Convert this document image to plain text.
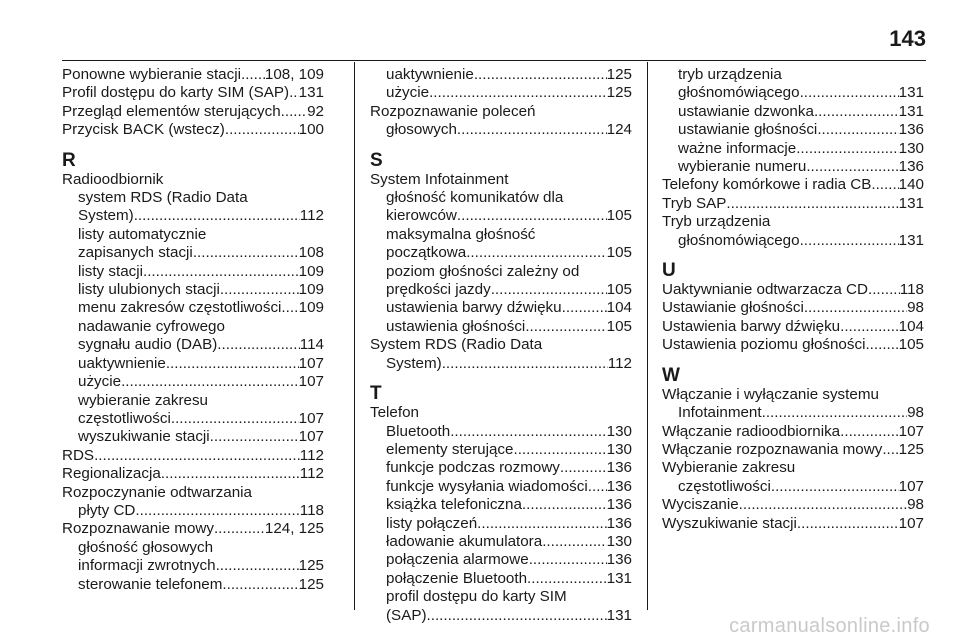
143
Ponowne wybieranie stacji. ..... 108, 109
Profil dostępu do karty SIM (SAP) ..... 131
Przegląd elementów sterujących ..... 92
Przycisk BACK (wstecz) .....	100
R
Radioodbiornik
system RDS (Radio Data
System) .....	112
listy automatycznie
zapisanych stacji .....	108
listy stacji .....	109
listy ulubionych stacji .....	109
menu zakresów częstotliwości ..... 109
nadawanie cyfrowego
sygnału audio (DAB) .....	114
uaktywnienie .....	107
użycie .....	107
wybieranie zakresu
częstotliwości .....	107
wyszukiwanie stacji .....	107
RDS .....	112
Regionalizacja .....	112
Rozpoczynanie odtwarzania
płyty CD .....	118
Rozpoznawanie mowy .....	124, 125
głośność głosowych
informacji zwrotnych .....	125
sterowanie telefonem .....	125
uaktywnienie .....	125
użycie .....	125
Rozpoznawanie poleceń
głosowych .....	124
S
System Infotainment
głośność komunikatów dla
kierowców .....	105
maksymalna głośność
początkowa .....	105
poziom głośności zależny od
prędkości jazdy .....	105
ustawienia barwy dźwięku .....	104
ustawienia głośności .....	105
System RDS (Radio Data
System) .....	112
T
Telefon
Bluetooth .....	130
elementy sterujące .....	130
funkcje podczas rozmowy .....	136
funkcje wysyłania wiadomości ..... 136
książka telefoniczna .....	136
listy połączeń .....	136
ładowanie akumulatora .....	130
połączenia alarmowe .....	136
połączenie Bluetooth .....	131
profil dostępu do karty SIM
(SAP) .....	131
tryb urządzenia
głośnomówiącego .....	131
ustawianie dzwonka .....	131
ustawianie głośności .....	136
ważne informacje .....	130
wybieranie numeru .....	136
Telefony komórkowe i radia CB ..... 140
Tryb SAP .....	131
Tryb urządzenia
głośnomówiącego .....	131
U
Uaktywnianie odtwarzacza CD ..... 118
Ustawianie głośności .....	98
Ustawienia barwy dźwięku .....	104
Ustawienia poziomu głośności ..... 105
W
Włączanie i wyłączanie systemu
Infotainment .....	98
Włączanie radioodbiornika .....	107
Włączanie rozpoznawania mowy ..... 125
Wybieranie zakresu
częstotliwości .....	107
Wyciszanie .....	98
Wyszukiwanie stacji .....	107
carmanualsonline.info
